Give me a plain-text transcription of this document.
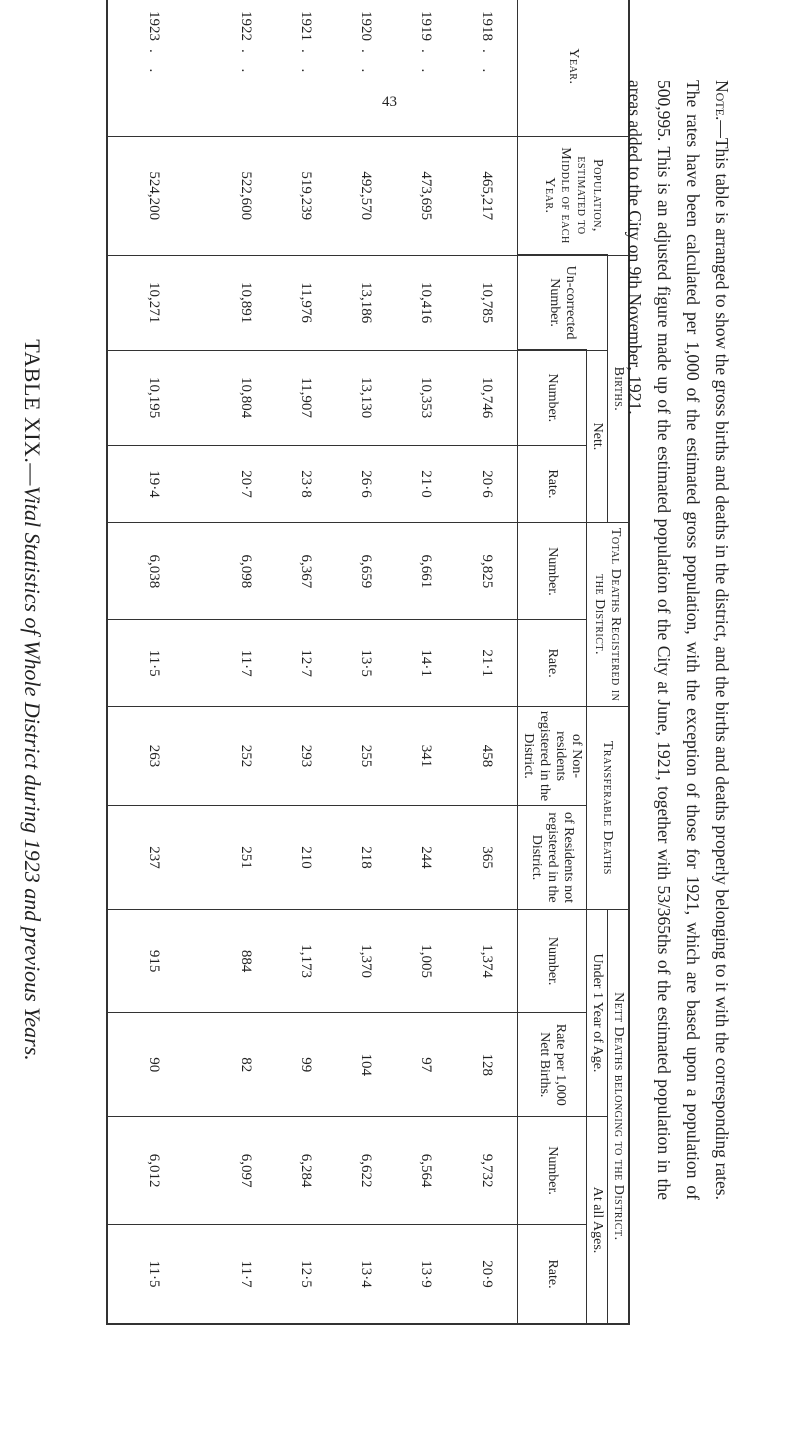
43
TABLE XIX.—Vital Statistics of Whole District during 1923 and previous Years.
Year.	Population, estimated to Middle of each Year.	Births.			Total Deaths Registered in the District.		Transferable Deaths		Nett Deaths belonging to the District.			
		Un-corrected Number.	Nett.						Under 1 Year of Age.		At all Ages.	
			Number.	Rate.	Number.	Rate.	of Non-residents registered in the District.	of Residents not registered in the District.	Number.	Rate per 1,000 Nett Births.	Number.	Rate.
1918. .	465,217	10,785	10,746	20·6	9,825	21·1	458	365	1,374	128	9,732	20·9
1919. .	473,695	10,416	10,353	21·0	6,661	14·1	341	244	1,005	97	6,564	13·9
1920. .	492,570	13,186	13,130	26·6	6,659	13·5	255	218	1,370	104	6,622	13·4
1921. .	519,239	11,976	11,907	23·8	6,367	12·7	293	210	1,173	99	6,284	12·5
1922. .	522,600	10,891	10,804	20·7	6,098	11·7	252	251	884	82	6,097	11·7
1923. .	524,200	10,271	10,195	19·4	6,038	11·5	263	237	915	90	6,012	11·5

Note.—This table is arranged to show the gross births and deaths in the district, and the births and deaths properly belonging to it with the corresponding rates. The rates have been calculated per 1,000 of the estimated gross population, with the exception of those for 1921, which are based upon a population of 500,995. This is an adjusted figure made up of the estimated population of the City at June, 1921, together with 53/365ths of the estimated population in the areas added to the City on 9th November, 1921.
